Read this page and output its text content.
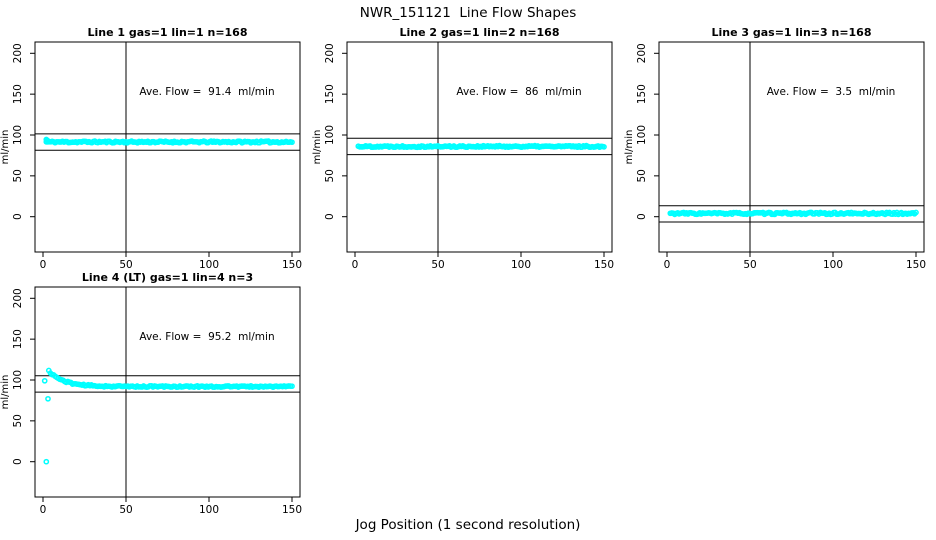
NWR_151121  Line Flow Shapes
Line 1 gas=1 lin=1 n=168
Ave. Flow =  91.4  ml/min
0	50	100	150
0
50
100
150
200
ml/min
Line 2 gas=1 lin=2 n=168
Ave. Flow =  86  ml/min
0	50	100	150
0
50
100
150
200
ml/min
Line 3 gas=1 lin=3 n=168
Ave. Flow =  3.5  ml/min
0	50	100	150
0
50
100
150
200
ml/min
Line 4 (LT) gas=1 lin=4 n=3
Ave. Flow =  95.2  ml/min
0	50	100	150
0
50
100
150
200
ml/min
Jog Position (1 second resolution)
